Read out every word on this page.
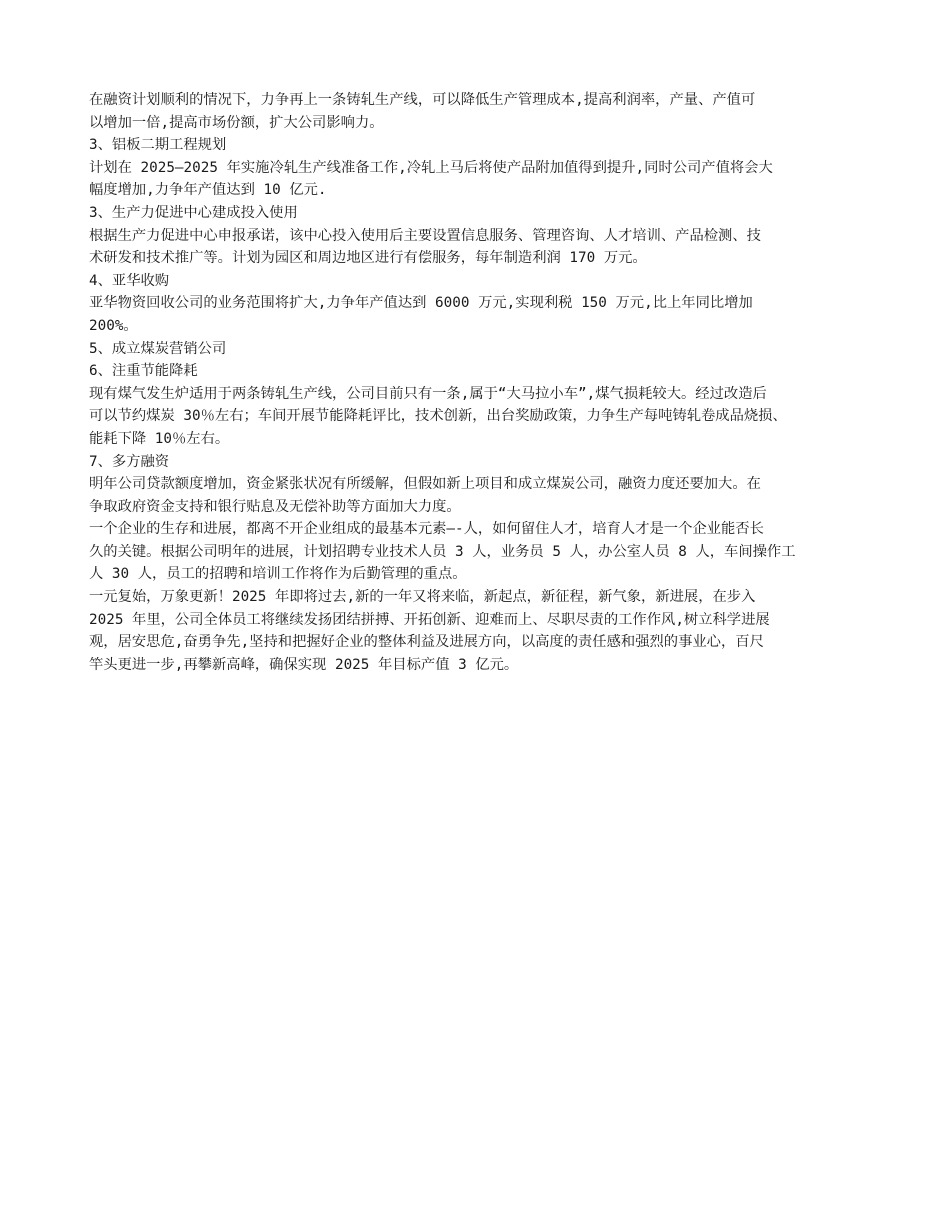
在融资计划顺利的情况下，力争再上一条铸轧生产线，可以降低生产管理成本,提高利润率，产量、产值可
以增加一倍,提高市场份额，扩大公司影响力。

3、铝板二期工程规划

计划在 2025—2025 年实施冷轧生产线准备工作,冷轧上马后将使产品附加值得到提升,同时公司产值将会大
幅度增加,力争年产值达到 10 亿元.

3、生产力促进中心建成投入使用

根据生产力促进中心申报承诺，该中心投入使用后主要设置信息服务、管理咨询、人才培训、产品检测、技
术研发和技术推广等。计划为园区和周边地区进行有偿服务，每年制造利润 170 万元。

4、亚华收购

亚华物资回收公司的业务范围将扩大,力争年产值达到 6000 万元,实现利税 150 万元,比上年同比增加
200%。

5、成立煤炭营销公司

6、注重节能降耗

现有煤气发生炉适用于两条铸轧生产线，公司目前只有一条,属于“大马拉小车”,煤气损耗较大。经过改造后
可以节约煤炭 30％左右；车间开展节能降耗评比，技术创新，出台奖励政策，力争生产每吨铸轧卷成品烧损、
能耗下降 10％左右。

7、多方融资

明年公司贷款额度增加，资金紧张状况有所缓解，但假如新上项目和成立煤炭公司，融资力度还要加大。在
争取政府资金支持和银行贴息及无偿补助等方面加大力度。

一个企业的生存和进展，都离不开企业组成的最基本元素—-人，如何留住人才，培育人才是一个企业能否长
久的关键。根据公司明年的进展，计划招聘专业技术人员 3 人，业务员 5 人，办公室人员 8 人，车间操作工
人 30 人，员工的招聘和培训工作将作为后勤管理的重点。

一元复始，万象更新！2025 年即将过去,新的一年又将来临，新起点，新征程，新气象，新进展，在步入
2025 年里，公司全体员工将继续发扬团结拼搏、开拓创新、迎难而上、尽职尽责的工作作风,树立科学进展
观，居安思危,奋勇争先,坚持和把握好企业的整体利益及进展方向，以高度的责任感和强烈的事业心，百尺
竿头更进一步,再攀新高峰，确保实现 2025 年目标产值 3 亿元。
